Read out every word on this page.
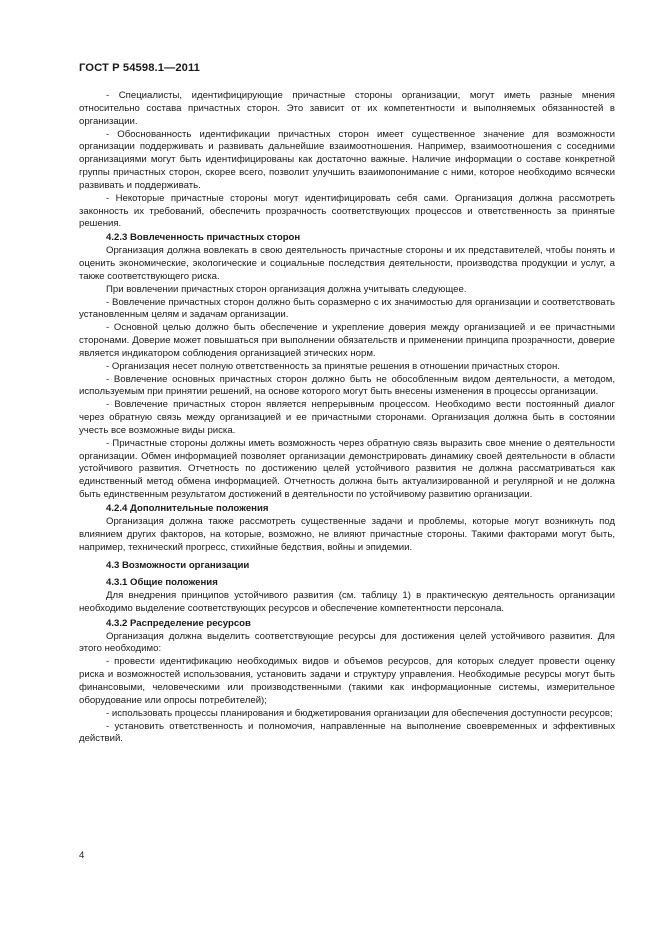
ГОСТ Р 54598.1—2011

- Специалисты, идентифицирующие причастные стороны организации, могут иметь разные мнения относительно состава причастных сторон. Это зависит от их компетентности и выполняемых обязанностей в организации.

- Обоснованность идентификации причастных сторон имеет существенное значение для возможности организации поддерживать и развивать дальнейшие взаимоотношения. Например, взаимоотношения с соседними организациями могут быть идентифицированы как достаточно важные. Наличие информации о составе конкретной группы причастных сторон, скорее всего, позволит улучшить взаимопонимание с ними, которое необходимо всячески развивать и поддерживать.

- Некоторые причастные стороны могут идентифицировать себя сами. Организация должна рассмотреть законность их требований, обеспечить прозрачность соответствующих процессов и ответственность за принятые решения.

4.2.3 Вовлеченность причастных сторон

Организация должна вовлекать в свою деятельность причастные стороны и их представителей, чтобы понять и оценить экономические, экологические и социальные последствия деятельности, производства продукции и услуг, а также соответствующего риска.

При вовлечении причастных сторон организация должна учитывать следующее.

- Вовлечение причастных сторон должно быть соразмерно с их значимостью для организации и соответствовать установленным целям и задачам организации.

- Основной целью должно быть обеспечение и укрепление доверия между организацией и ее причастными сторонами. Доверие может повышаться при выполнении обязательств и применении принципа прозрачности, доверие является индикатором соблюдения организацией этических норм.

- Организация несет полную ответственность за принятые решения в отношении причастных сторон.

- Вовлечение основных причастных сторон должно быть не обособленным видом деятельности, а методом, используемым при принятии решений, на основе которого могут быть внесены изменения в процессы организации.

- Вовлечение причастных сторон является непрерывным процессом. Необходимо вести постоянный диалог через обратную связь между организацией и ее причастными сторонами. Организация должна быть в состоянии учесть все возможные виды риска.

- Причастные стороны должны иметь возможность через обратную связь выразить свое мнение о деятельности организации. Обмен информацией позволяет организации демонстрировать динамику своей деятельности в области устойчивого развития. Отчетность по достижению целей устойчивого развития не должна рассматриваться как единственный метод обмена информацией. Отчетность должна быть актуализированной и регулярной и не должна быть единственным результатом достижений в деятельности по устойчивому развитию организации.

4.2.4 Дополнительные положения

Организация должна также рассмотреть существенные задачи и проблемы, которые могут возникнуть под влиянием других факторов, на которые, возможно, не влияют причастные стороны. Такими факторами могут быть, например, технический прогресс, стихийные бедствия, войны и эпидемии.

4.3 Возможности организации

4.3.1 Общие положения

Для внедрения принципов устойчивого развития (см. таблицу 1) в практическую деятельность организации необходимо выделение соответствующих ресурсов и обеспечение компетентности персонала.

4.3.2 Распределение ресурсов

Организация должна выделить соответствующие ресурсы для достижения целей устойчивого развития. Для этого необходимо:

- провести идентификацию необходимых видов и объемов ресурсов, для которых следует провести оценку риска и возможностей использования, установить задачи и структуру управления. Необходимые ресурсы могут быть финансовыми, человеческими или производственными (такими как информационные системы, измерительное оборудование или опросы потребителей);

- использовать процессы планирования и бюджетирования организации для обеспечения доступности ресурсов;

- установить ответственность и полномочия, направленные на выполнение своевременных и эффективных действий.

4
